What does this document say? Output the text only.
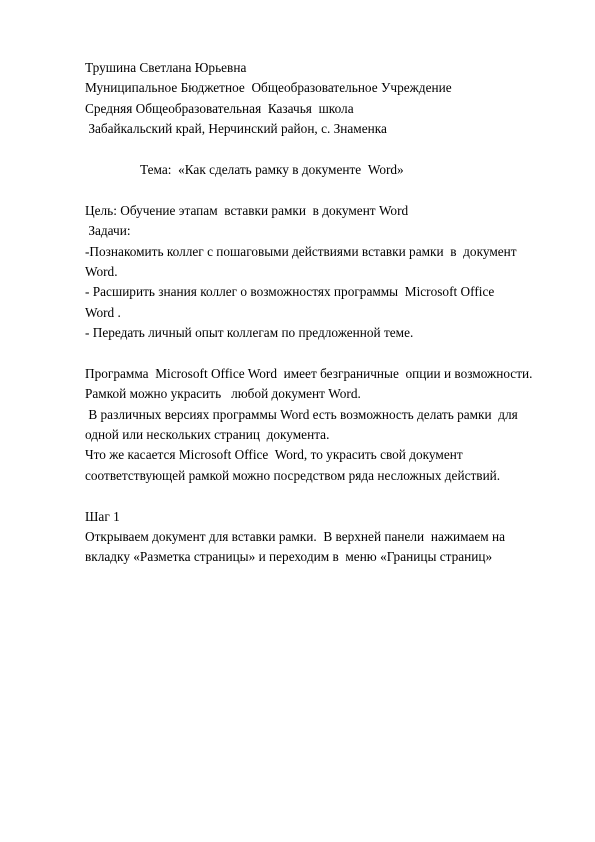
Трушина Светлана Юрьевна
Муниципальное Бюджетное  Общеобразовательное Учреждение
Средняя Общеобразовательная  Казачья  школа
Забайкальский край, Нерчинский район, с. Знаменка
Тема:  «Как сделать рамку в документе  Word»
Цель: Обучение этапам  вставки рамки  в документ Word
Задачи:
-Познакомить коллег с пошаговыми действиями вставки рамки  в  документ
Word.
- Расширить знания коллег о возможностях программы  Microsoft Office
Word .
- Передать личный опыт коллегам по предложенной теме.
Программа  Microsoft Office Word  имеет безграничные  опции и возможности.
Рамкой можно украсить   любой документ Word.
В различных версиях программы Word есть возможность делать рамки  для
одной или нескольких страниц  документа.
Что же касается Microsoft Office  Word, то украсить свой документ
соответствующей рамкой можно посредством ряда несложных действий.
Шаг 1
Открываем документ для вставки рамки.  В верхней панели  нажимаем на
вкладку «Разметка страницы» и переходим в  меню «Границы страниц»
